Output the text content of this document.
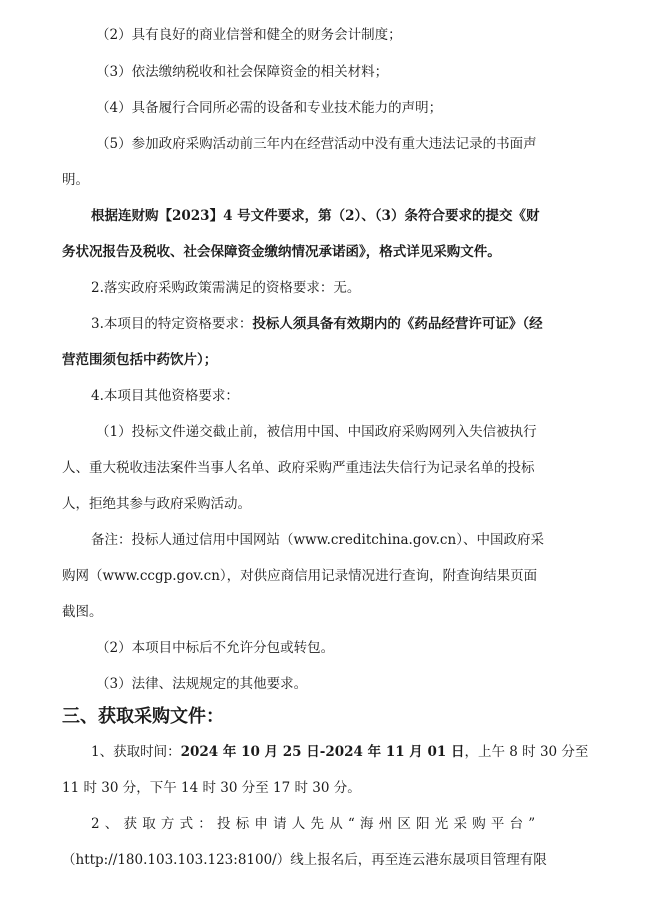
（2）具有良好的商业信誉和健全的财务会计制度；
（3）依法缴纳税收和社会保障资金的相关材料；
（4）具备履行合同所必需的设备和专业技术能力的声明；
（5）参加政府采购活动前三年内在经营活动中没有重大违法记录的书面声
明。
根据连财购【2023】4 号文件要求，第（2）、（3）条符合要求的提交《财
务状况报告及税收、社会保障资金缴纳情况承诺函》，格式详见采购文件。
2.落实政府采购政策需满足的资格要求：无。
3.本项目的特定资格要求：投标人须具备有效期内的《药品经营许可证》（经
营范围须包括中药饮片）；
4.本项目其他资格要求：
（1）投标文件递交截止前，被信用中国、中国政府采购网列入失信被执行
人、重大税收违法案件当事人名单、政府采购严重违法失信行为记录名单的投标
人，拒绝其参与政府采购活动。
备注：投标人通过信用中国网站（www.creditchina.gov.cn）、中国政府采
购网（www.ccgp.gov.cn），对供应商信用记录情况进行查询，附查询结果页面
截图。
（2）本项目中标后不允许分包或转包。
（3）法律、法规规定的其他要求。
三、获取采购文件：
1、获取时间：2024 年 10 月 25 日-2024 年 11 月 01 日，上午 8 时 30 分至
11 时 30 分，下午 14 时 30 分至 17 时 30 分。
2、获取方式：投标申请人先从“海州区阳光采购平台”
（http://180.103.103.123:8100/）线上报名后，再至连云港东晟项目管理有限
